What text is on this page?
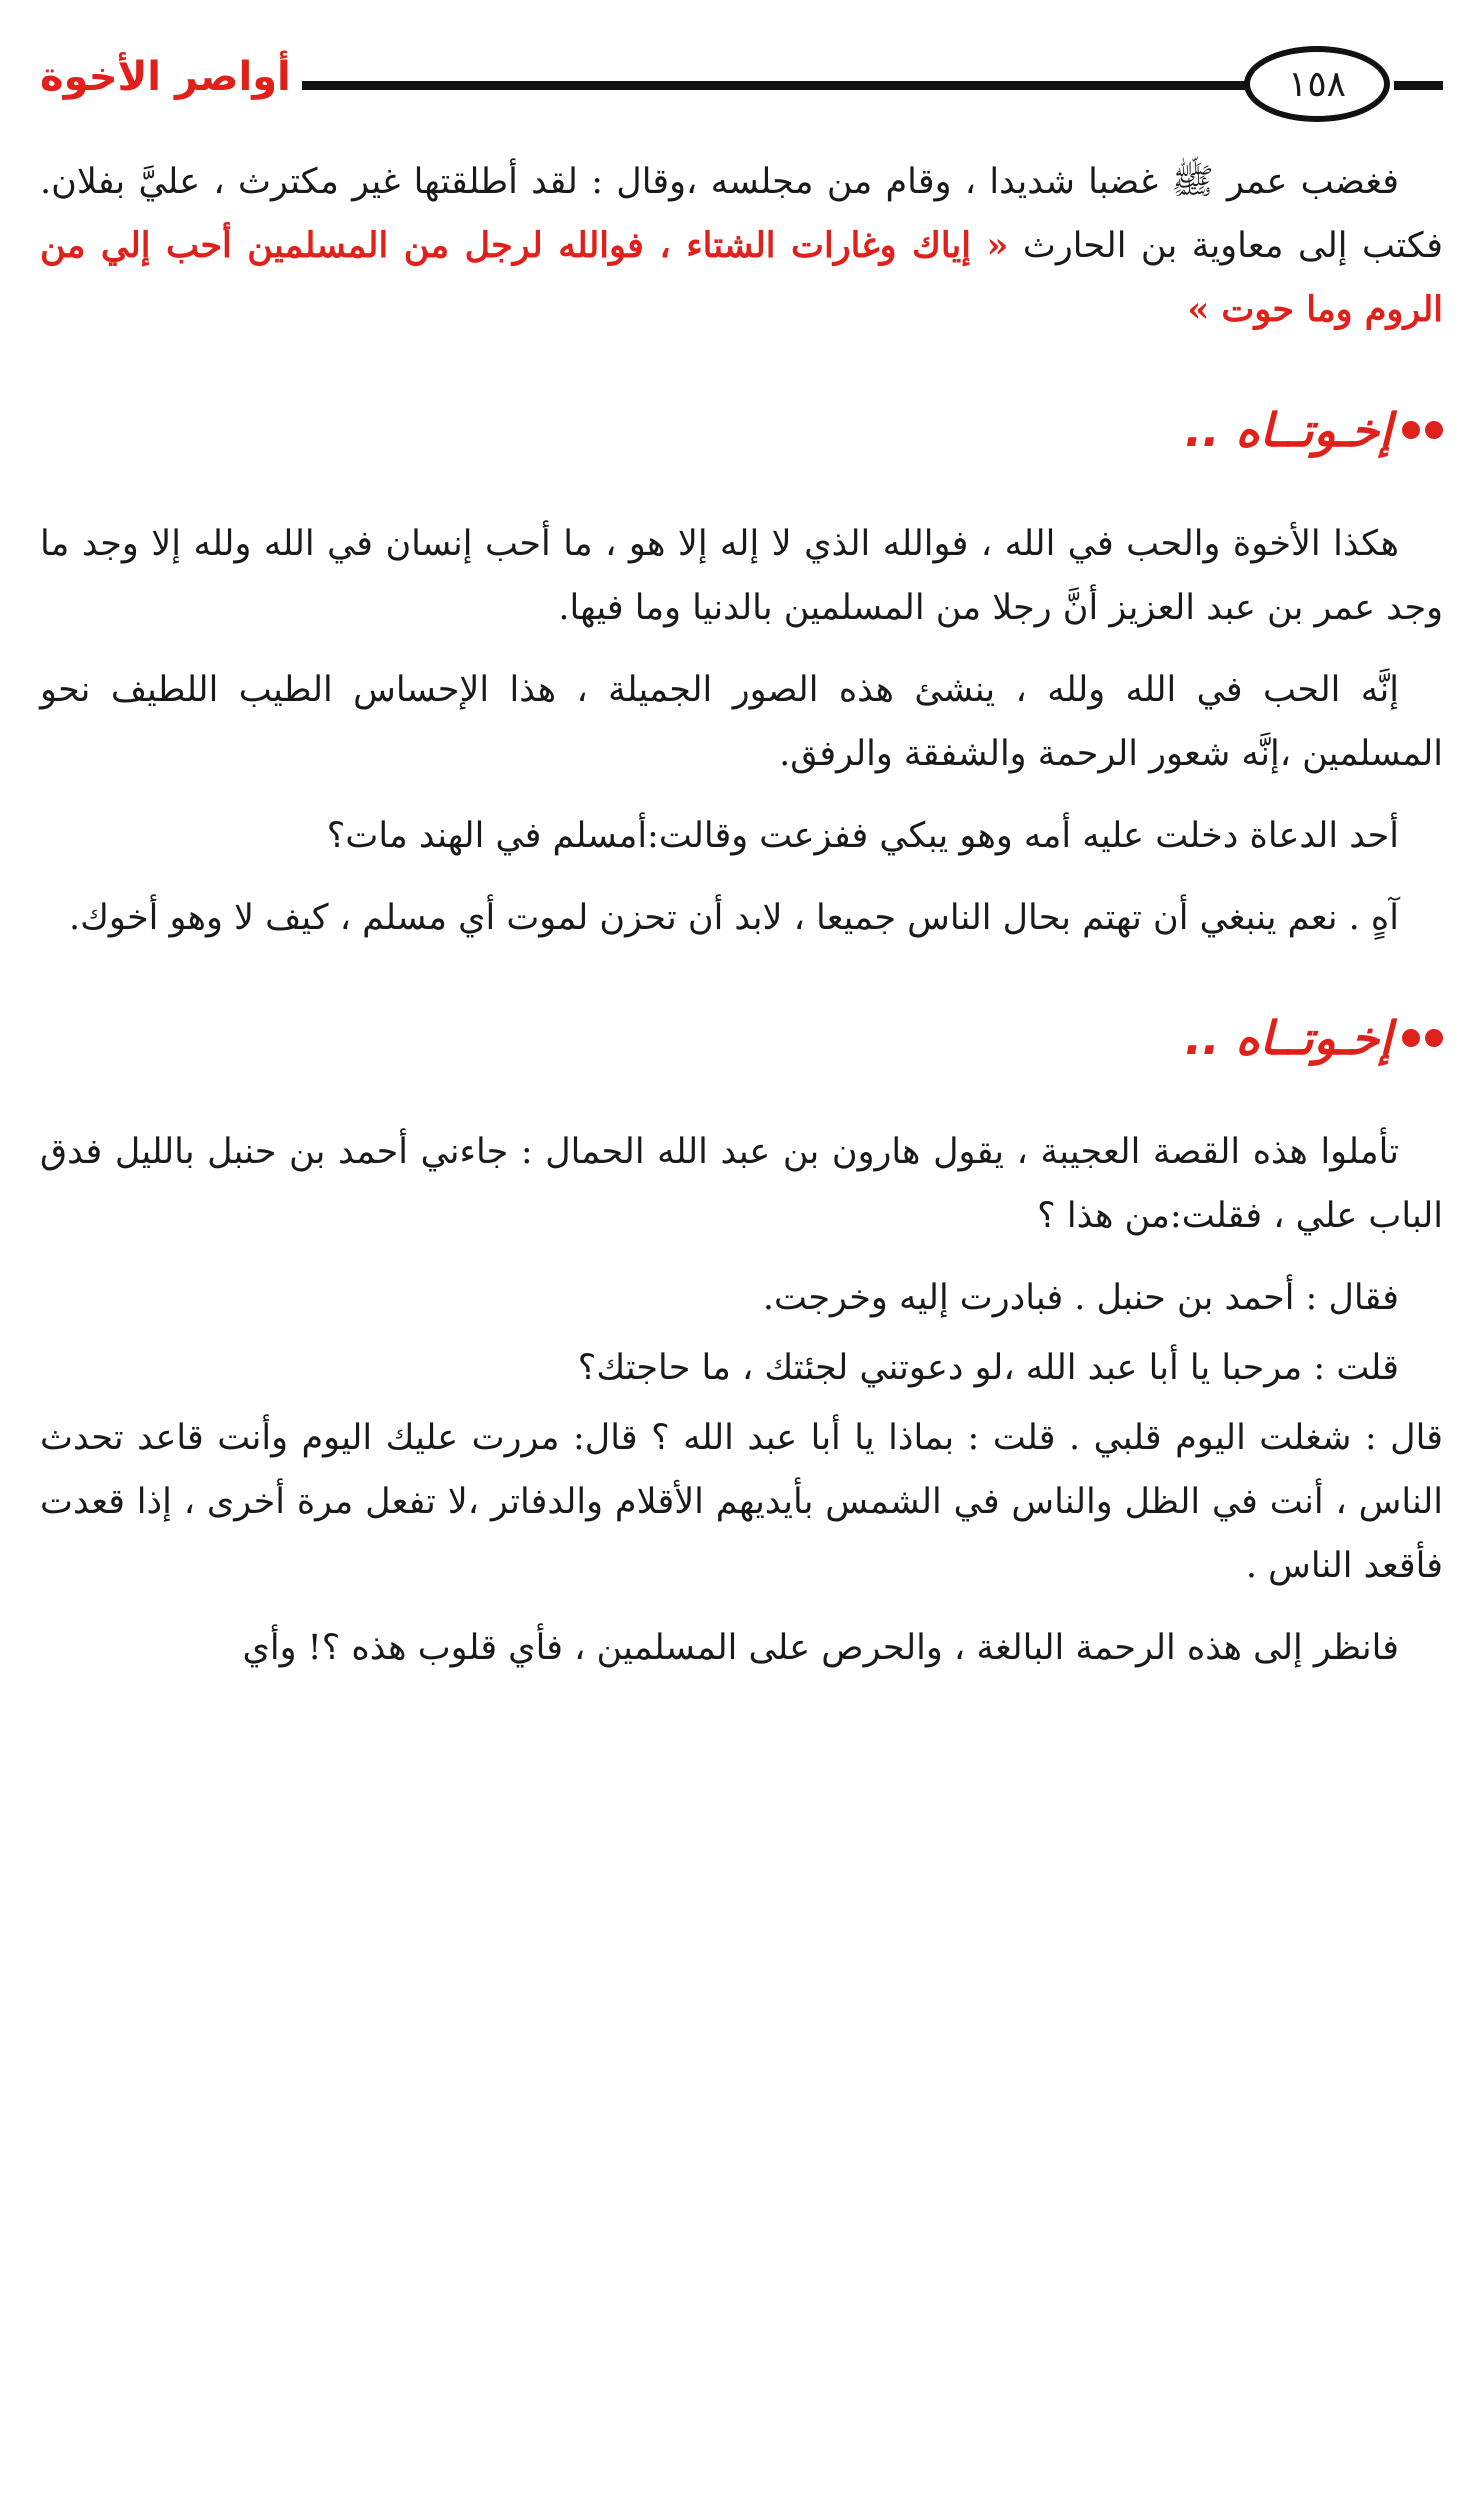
أواصر الأخوة	١٥٨

فغضب عمر ﷺ غضبا شديدا ، وقام من مجلسه ،وقال : لقد أطلقتها غير مكترث ، عليَّ بفلان. فكتب إلى معاوية بن الحارث « إياك وغارات الشتاء ، فوالله لرجل من المسلمين أحب إلي من الروم وما حوت »

إخـوتــاه ..

هكذا الأخوة والحب في الله ، فوالله الذي لا إله إلا هو ، ما أحب إنسان في الله ولله إلا وجد ما وجد عمر بن عبد العزيز أنَّ رجلا من المسلمين بالدنيا وما فيها.

إنَّه الحب في الله ولله ، ينشئ هذه الصور الجميلة ، هذا الإحساس الطيب اللطيف نحو المسلمين ،إنَّه شعور الرحمة والشفقة والرفق.

أحد الدعاة دخلت عليه أمه وهو يبكي ففزعت وقالت:أمسلم في الهند مات؟

آهٍ . نعم ينبغي أن تهتم بحال الناس جميعا ، لابد أن تحزن لموت أي مسلم ، كيف لا وهو أخوك.

إخـوتــاه ..

تأملوا هذه القصة العجيبة ، يقول هارون بن عبد الله الحمال : جاءني أحمد بن حنبل بالليل فدق الباب علي ، فقلت:من هذا ؟

فقال : أحمد بن حنبل . فبادرت إليه وخرجت.

قلت : مرحبا يا أبا عبد الله ،لو دعوتني لجئتك ، ما حاجتك؟

قال : شغلت اليوم قلبي . قلت : بماذا يا أبا عبد الله ؟ قال: مررت عليك اليوم وأنت قاعد تحدث الناس ، أنت في الظل والناس في الشمس بأيديهم الأقلام والدفاتر ،لا تفعل مرة أخرى ، إذا قعدت فأقعد الناس .

فانظر إلى هذه الرحمة البالغة ، والحرص على المسلمين ، فأي قلوب هذه ؟! وأي
